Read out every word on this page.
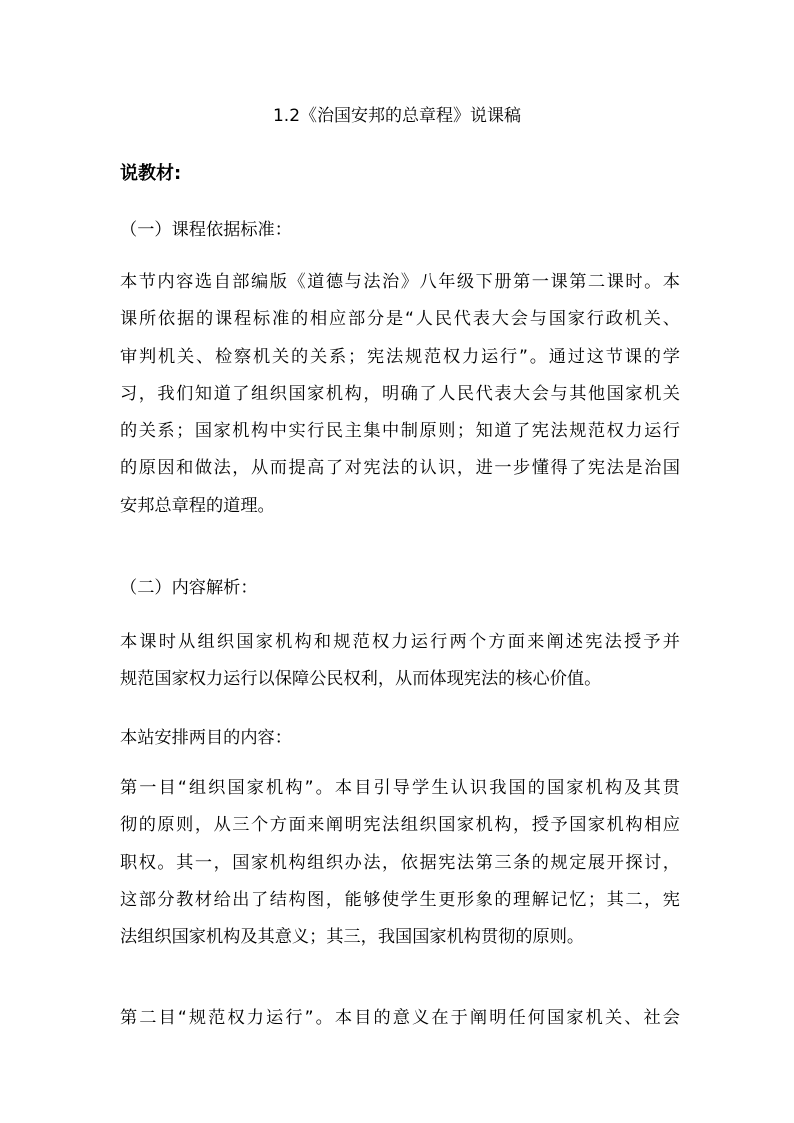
1.2《治国安邦的总章程》说课稿
说教材:

（一）课程依据标准：

本节内容选自部编版《道德与法治》八年级下册第一课第二课时。本
课所依据的课程标准的相应部分是“人民代表大会与国家行政机关、
审判机关、检察机关的关系；宪法规范权力运行”。通过这节课的学
习，我们知道了组织国家机构，明确了人民代表大会与其他国家机关
的关系；国家机构中实行民主集中制原则；知道了宪法规范权力运行
的原因和做法，从而提高了对宪法的认识，进一步懂得了宪法是治国
安邦总章程的道理。

（二）内容解析：

本课时从组织国家机构和规范权力运行两个方面来阐述宪法授予并
规范国家权力运行以保障公民权利，从而体现宪法的核心价值。
本站安排两目的内容：
第一目“组织国家机构”。本目引导学生认识我国的国家机构及其贯
彻的原则，从三个方面来阐明宪法组织国家机构，授予国家机构相应
职权。其一，国家机构组织办法，依据宪法第三条的规定展开探讨，
这部分教材给出了结构图，能够使学生更形象的理解记忆；其二，宪
法组织国家机构及其意义；其三，我国国家机构贯彻的原则。
第二目“规范权力运行”。本目的意义在于阐明任何国家机关、社会
